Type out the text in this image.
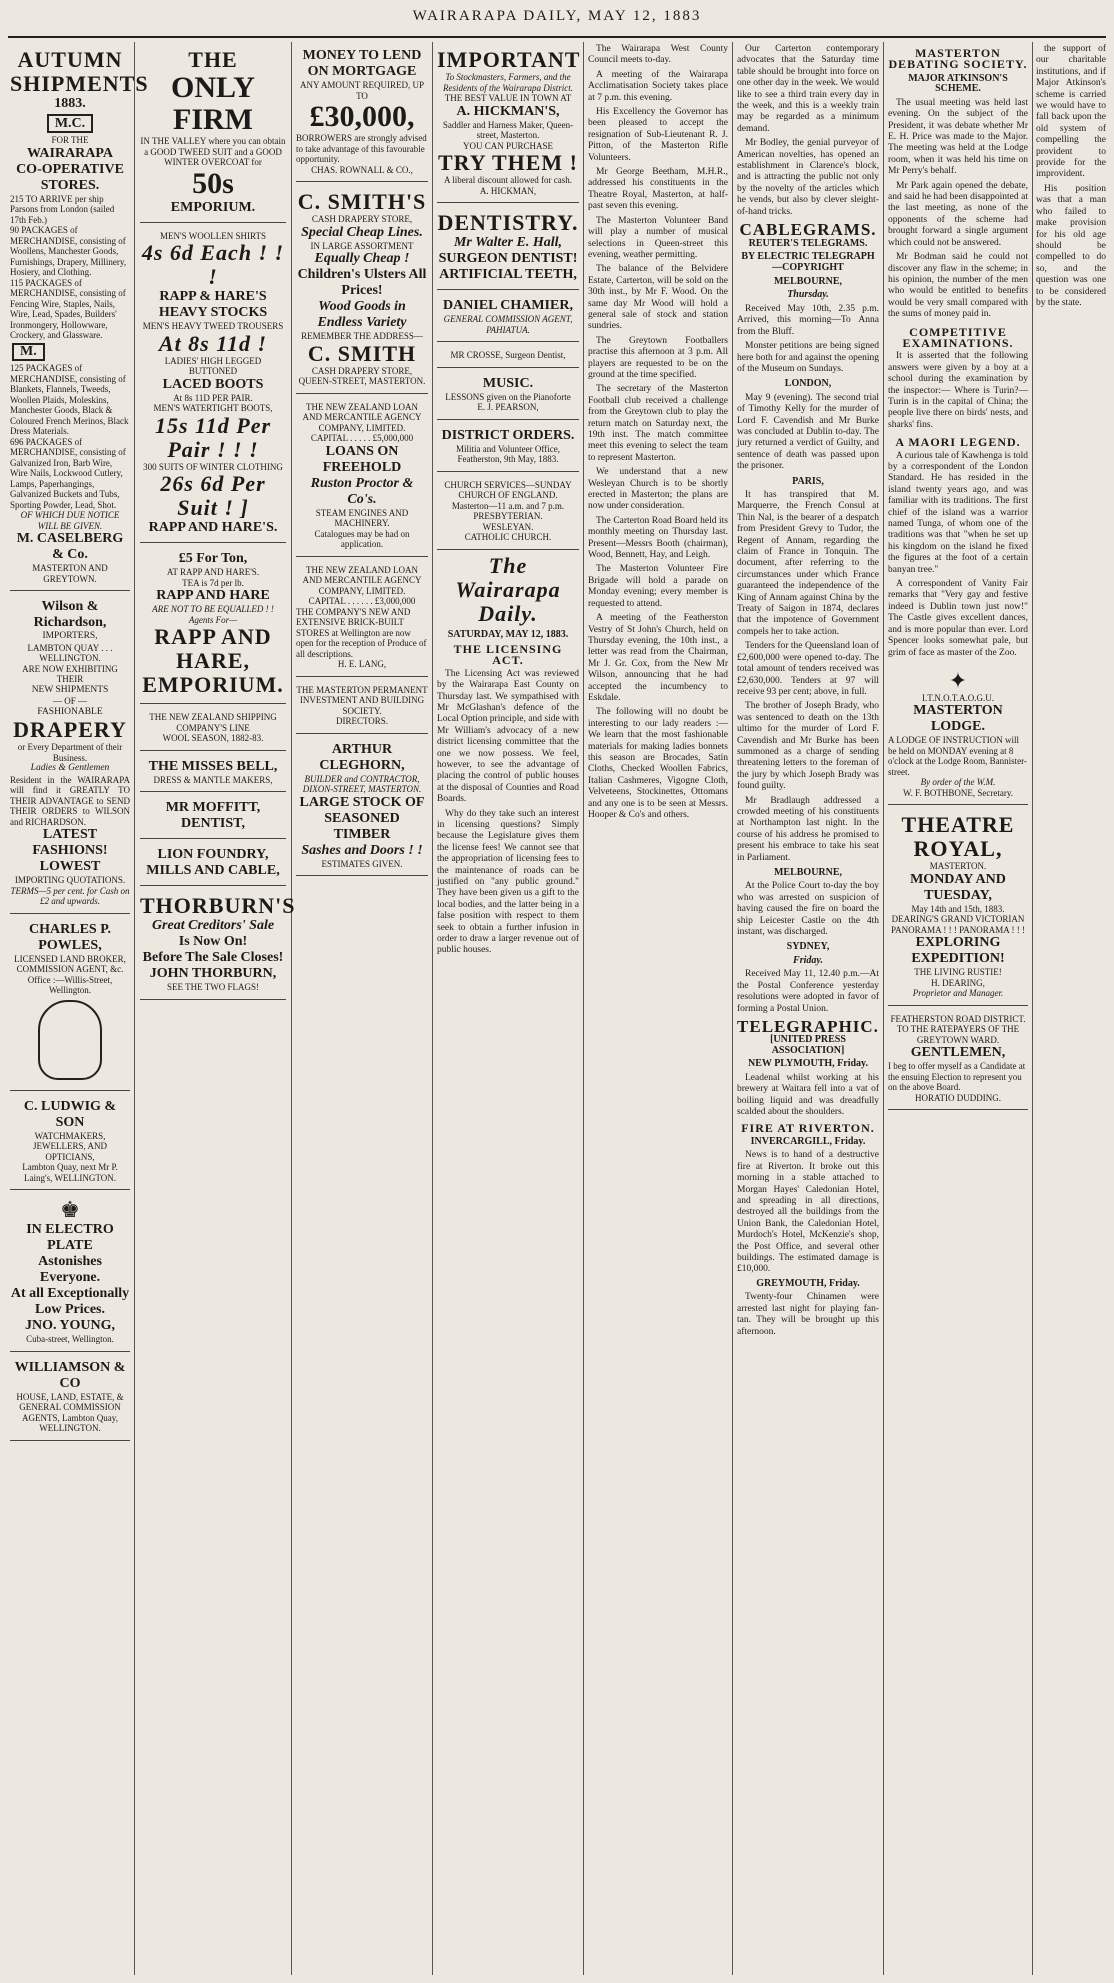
WAIRARAPA DAILY, MAY 12, 1883
AUTUMN
SHIPMENTS
1883.
M.C.
FOR THE
WAIRARAPA
CO-OPERATIVE
STORES.
215 TO ARRIVE per ship Parsons from London (sailed 17th Feb.)
90 PACKAGES of MERCHANDISE, consisting of Woollens, Manchester Goods, Furnishings, Drapery, Millinery, Hosiery, and Clothing.
115 PACKAGES of MERCHANDISE, consisting of Fencing Wire, Staples, Nails, Wire, Lead, Spades, Builders' Ironmongery, Hollowware, Crockery, and Glassware.
M.
125 PACKAGES of MERCHANDISE, consisting of Blankets, Flannels, Tweeds, Woollen Plaids, Moleskins, Manchester Goods, Black & Coloured French Merinos, Black Dress Materials.
696 PACKAGES of MERCHANDISE, consisting of Galvanized Iron, Barb Wire, Wire Nails, Lockwood Cutlery, Lamps, Paperhangings, Galvanized Buckets and Tubs, Sporting Powder, Lead, Shot.
OF WHICH DUE NOTICE WILL BE GIVEN.
M. CASELBERG & Co.
MASTERTON AND GREYTOWN.
Wilson & Richardson,
IMPORTERS,
LAMBTON QUAY . . . WELLINGTON.
ARE NOW EXHIBITING THEIR
NEW SHIPMENTS
— OF —
FASHIONABLE
DRAPERY
or Every Department of their Business.
Ladies & Gentlemen
Resident in the WAIRARAPA will find it GREATLY TO THEIR ADVANTAGE to SEND THEIR ORDERS to WILSON and RICHARDSON.
LATEST FASHIONS!
LOWEST
IMPORTING QUOTATIONS.
TERMS—5 per cent. for Cash on £2 and upwards.
CHARLES P. POWLES,
LICENSED LAND BROKER, COMMISSION AGENT, &c. Office :—Willis-Street, Wellington.
C. LUDWIG & SON
WATCHMAKERS, JEWELLERS, AND OPTICIANS,
Lambton Quay, next Mr P. Laing's, WELLINGTON.
♚
IN ELECTRO PLATE
Astonishes Everyone.
At all Exceptionally Low Prices.
JNO. YOUNG,
Cuba-street, Wellington.
WILLIAMSON & CO
HOUSE, LAND, ESTATE, & GENERAL COMMISSION AGENTS, Lambton Quay,
WELLINGTON.
THE
ONLY FIRM
IN THE VALLEY where you can obtain a GOOD TWEED SUIT and a GOOD WINTER OVERCOAT for
50s
EMPORIUM.
MEN'S WOOLLEN SHIRTS
4s 6d Each ! ! !
RAPP & HARE'S
HEAVY STOCKS
MEN'S HEAVY TWEED TROUSERS
At 8s 11d !
LADIES' HIGH LEGGED BUTTONED
LACED BOOTS
At 8s 11D PER PAIR.
MEN'S WATERTIGHT BOOTS,
15s 11d Per Pair ! ! !
300 SUITS OF WINTER CLOTHING
26s 6d Per Suit ! ]
RAPP AND HARE'S.
£5 For Ton,
AT RAPP AND HARE'S.
TEA is 7d per lb.
RAPP AND HARE
ARE NOT TO BE EQUALLED ! !
Agents For—
RAPP AND HARE, EMPORIUM.
THE NEW ZEALAND SHIPPING COMPANY'S LINE
WOOL SEASON, 1882-83.
THE MISSES BELL,
DRESS & MANTLE MAKERS,
MR MOFFITT, DENTIST,
LION FOUNDRY,
MILLS AND CABLE,
THORBURN'S
Great Creditors' Sale
Is Now On!
Before The Sale Closes!
JOHN THORBURN,
SEE THE TWO FLAGS!
MONEY TO LEND ON MORTGAGE
ANY AMOUNT REQUIRED, UP TO
£30,000,
BORROWERS are strongly advised to take advantage of this favourable opportunity.
CHAS. ROWNALL & CO.,
C. SMITH'S
CASH DRAPERY STORE,
Special Cheap Lines.
IN LARGE ASSORTMENT
Equally Cheap !
Children's Ulsters All Prices!
Wood Goods in Endless Variety
REMEMBER THE ADDRESS—
C. SMITH
CASH DRAPERY STORE,
QUEEN-STREET, MASTERTON.
THE NEW ZEALAND LOAN AND MERCANTILE AGENCY COMPANY, LIMITED.
CAPITAL . . . . . £5,000,000
LOANS ON FREEHOLD
Ruston Proctor & Co's.
STEAM ENGINES AND MACHINERY.
Catalogues may be had on application.
THE NEW ZEALAND LOAN AND MERCANTILE AGENCY COMPANY, LIMITED.
CAPITAL . . . . . . £3,000,000
THE COMPANY'S NEW AND EXTENSIVE BRICK-BUILT STORES at Wellington are now open for the reception of Produce of all descriptions.
H. E. LANG,
THE MASTERTON PERMANENT INVESTMENT AND BUILDING SOCIETY.
DIRECTORS.
ARTHUR CLEGHORN,
BUILDER and CONTRACTOR, DIXON-STREET, MASTERTON.
LARGE STOCK OF SEASONED TIMBER
Sashes and Doors ! !
ESTIMATES GIVEN.
IMPORTANT
To Stockmasters, Farmers, and the Residents of the Wairarapa District.
THE BEST VALUE IN TOWN AT
A. HICKMAN'S,
Saddler and Harness Maker, Queen-street, Masterton.
YOU CAN PURCHASE
TRY THEM !
A liberal discount allowed for cash.
A. HICKMAN,
DENTISTRY.
Mr Walter E. Hall,
SURGEON DENTIST!
ARTIFICIAL TEETH,
DANIEL CHAMIER,
GENERAL COMMISSION AGENT, PAHIATUA.
MR CROSSE, Surgeon Dentist,
MUSIC.
LESSONS given on the Pianoforte
E. J. PEARSON,
DISTRICT ORDERS.
Militia and Volunteer Office, Featherston, 9th May, 1883.
CHURCH SERVICES—SUNDAY
CHURCH OF ENGLAND.
Masterton—11 a.m. and 7 p.m.
PRESBYTERIAN.
WESLEYAN.
CATHOLIC CHURCH.
The Wairarapa Daily.
SATURDAY, MAY 12, 1883.
THE LICENSING ACT.

The Licensing Act was reviewed by the Wairarapa East County on Thursday last. We sympathised with Mr McGlashan's defence of the Local Option principle, and side with Mr William's advocacy of a new district licensing committee that the one we now possess. We feel, however, to see the advantage of placing the control of public houses at the disposal of Counties and Road Boards.

Why do they take such an interest in licensing questions? Simply because the Legislature gives them the license fees! We cannot see that the appropriation of licensing fees to the maintenance of roads can be justified on "any public ground." They have been given us a gift to the local bodies, and the latter being in a false position with respect to them seek to obtain a further infusion in order to draw a larger revenue out of public houses.

The Wairarapa West County Council meets to-day.

A meeting of the Wairarapa Acclimatisation Society takes place at 7 p.m. this evening.

His Excellency the Governor has been pleased to accept the resignation of Sub-Lieutenant R. J. Pitton, of the Masterton Rifle Volunteers.

Mr George Beetham, M.H.R., addressed his constituents in the Theatre Royal, Masterton, at half-past seven this evening.

The Masterton Volunteer Band will play a number of musical selections in Queen-street this evening, weather permitting.

The balance of the Belvidere Estate, Carterton, will be sold on the 30th inst., by Mr F. Wood. On the same day Mr Wood will hold a general sale of stock and station sundries.

The Greytown Footballers practise this afternoon at 3 p.m. All players are requested to be on the ground at the time specified.

The secretary of the Masterton Football club received a challenge from the Greytown club to play the return match on Saturday next, the 19th inst. The match committee meet this evening to select the team to represent Masterton.

We understand that a new Wesleyan Church is to be shortly erected in Masterton; the plans are now under consideration.

The Carterton Road Board held its monthly meeting on Thursday last. Present—Messrs Booth (chairman), Wood, Bennett, Hay, and Leigh.

The Masterton Volunteer Fire Brigade will hold a parade on Monday evening; every member is requested to attend.

A meeting of the Featherston Vestry of St John's Church, held on Thursday evening, the 10th inst., a letter was read from the Chairman, Mr J. Gr. Cox, from the New Mr Wilson, announcing that he had accepted the incumbency to Eskdale.

The following will no doubt be interesting to our lady readers :—We learn that the most fashionable materials for making ladies bonnets this season are Brocades, Satin Cloths, Checked Woollen Fabrics, Italian Cashmeres, Vigogne Cloth, Velveteens, Stockinettes, Ottomans and any one is to be seen at Messrs. Hooper & Co's and others.

Our Carterton contemporary advocates that the Saturday time table should be brought into force on one other day in the week. We would like to see a third train every day in the week, and this is a weekly train may be regarded as a minimum demand.

Mr Bodley, the genial purveyor of American novelties, has opened an establishment in Clarence's block, and is attracting the public not only by the novelty of the articles which he vends, but also by clever sleight-of-hand tricks.

CABLEGRAMS.
REUTER'S TELEGRAMS.
BY ELECTRIC TELEGRAPH—COPYRIGHT
MELBOURNE,
Thursday.

Received May 10th, 2.35 p.m. Arrived, this morning—To Anna from the Bluff.

Monster petitions are being signed here both for and against the opening of the Museum on Sundays.

LONDON,

May 9 (evening). The second trial of Timothy Kelly for the murder of Lord F. Cavendish and Mr Burke was concluded at Dublin to-day. The jury returned a verdict of Guilty, and sentence of death was passed upon the prisoner.

PARIS,

It has transpired that M. Marquerre, the French Consul at Thin Nal, is the bearer of a despatch from President Grevy to Tudor, the Regent of Annam, regarding the claim of France in Tonquin. The document, after referring to the circumstances under which France guaranteed the independence of the King of Annam against China by the Treaty of Saigon in 1874, declares that the impotence of Government compels her to take action.

Tenders for the Queensland loan of £2,600,000 were opened to-day. The total amount of tenders received was £2,630,000. Tenders at 97 will receive 93 per cent; above, in full.

The brother of Joseph Brady, who was sentenced to death on the 13th ultimo for the murder of Lord F. Cavendish and Mr Burke has been summoned as a charge of sending threatening letters to the foreman of the jury by which Joseph Brady was found guilty.

Mr Bradlaugh addressed a crowded meeting of his constituents at Northampton last night. In the course of his address he promised to present his embrace to take his seat in Parliament.

MELBOURNE,

At the Police Court to-day the boy who was arrested on suspicion of having caused the fire on board the ship Leicester Castle on the 4th instant, was discharged.

SYDNEY,
Friday.

Received May 11, 12.40 p.m.—At the Postal Conference yesterday resolutions were adopted in favor of forming a Postal Union.

TELEGRAPHIC.
[UNITED PRESS ASSOCIATION]
NEW PLYMOUTH, Friday.

Leadenal whilst working at his brewery at Waitara fell into a vat of boiling liquid and was dreadfully scalded about the shoulders.

FIRE AT RIVERTON.
INVERCARGILL, Friday.

News is to hand of a destructive fire at Riverton. It broke out this morning in a stable attached to Morgan Hayes' Caledonian Hotel, and spreading in all directions, destroyed all the buildings from the Union Bank, the Caledonian Hotel, Murdoch's Hotel, McKenzie's shop, the Post Office, and several other buildings. The estimated damage is £10,000.

GREYMOUTH, Friday.

Twenty-four Chinamen were arrested last night for playing fan-tan. They will be brought up this afternoon.

MASTERTON DEBATING SOCIETY.
MAJOR ATKINSON'S SCHEME.

The usual meeting was held last evening. On the subject of the President, it was debate whether Mr E. H. Price was made to the Major. The meeting was held at the Lodge room, when it was held his time on Mr Perry's behalf.

Mr Park again opened the debate, and said he had been disappointed at the last meeting, as none of the opponents of the scheme had brought forward a single argument which could not be answered.

Mr Bodman said he could not discover any flaw in the scheme; in his opinion, the number of the men who would be entitled to benefits would be very small compared with the sums of money paid in.

COMPETITIVE EXAMINATIONS.

It is asserted that the following answers were given by a boy at a school during the examination by the inspector:— Where is Turin?—Turin is in the capital of China; the people live there on birds' nests, and sharks' fins.

A MAORI LEGEND.

A curious tale of Kawhenga is told by a correspondent of the London Standard. He has resided in the island twenty years ago, and was familiar with its traditions. The first chief of the island was a warrior named Tunga, of whom one of the traditions was that "when he set up his kingdom on the island he fixed the figures at the foot of a certain banyan tree."

A correspondent of Vanity Fair remarks that "Very gay and festive indeed is Dublin town just now!" The Castle gives excellent dances, and is more popular than ever. Lord Spencer looks somewhat pale, but grim of face as master of the Zoo.

✦
I.T.N.O.T.A.O.G.U.
MASTERTON LODGE.
A LODGE OF INSTRUCTION will be held on MONDAY evening at 8 o'clock at the Lodge Room, Bannister-street.
By order of the W.M.
W. F. BOTHBONE, Secretary.
THEATRE ROYAL,
MASTERTON.
MONDAY AND TUESDAY,
May 14th and 15th, 1883.
DEARING'S GRAND VICTORIAN PANORAMA ! ! ! PANORAMA ! ! !
EXPLORING EXPEDITION!
THE LIVING RUSTIE!
H. DEARING,
Proprietor and Manager.
FEATHERSTON ROAD DISTRICT.
TO THE RATEPAYERS OF THE GREYTOWN WARD.
GENTLEMEN,
I beg to offer myself as a Candidate at the ensuing Election to represent you on the above Board.
HORATIO DUDDING.

the support of our charitable institutions, and if Major Atkinson's scheme is carried we would have to fall back upon the old system of compelling the provident to provide for the improvident.

His position was that a man who failed to make provision for his old age should be compelled to do so, and the question was one to be considered by the state.
